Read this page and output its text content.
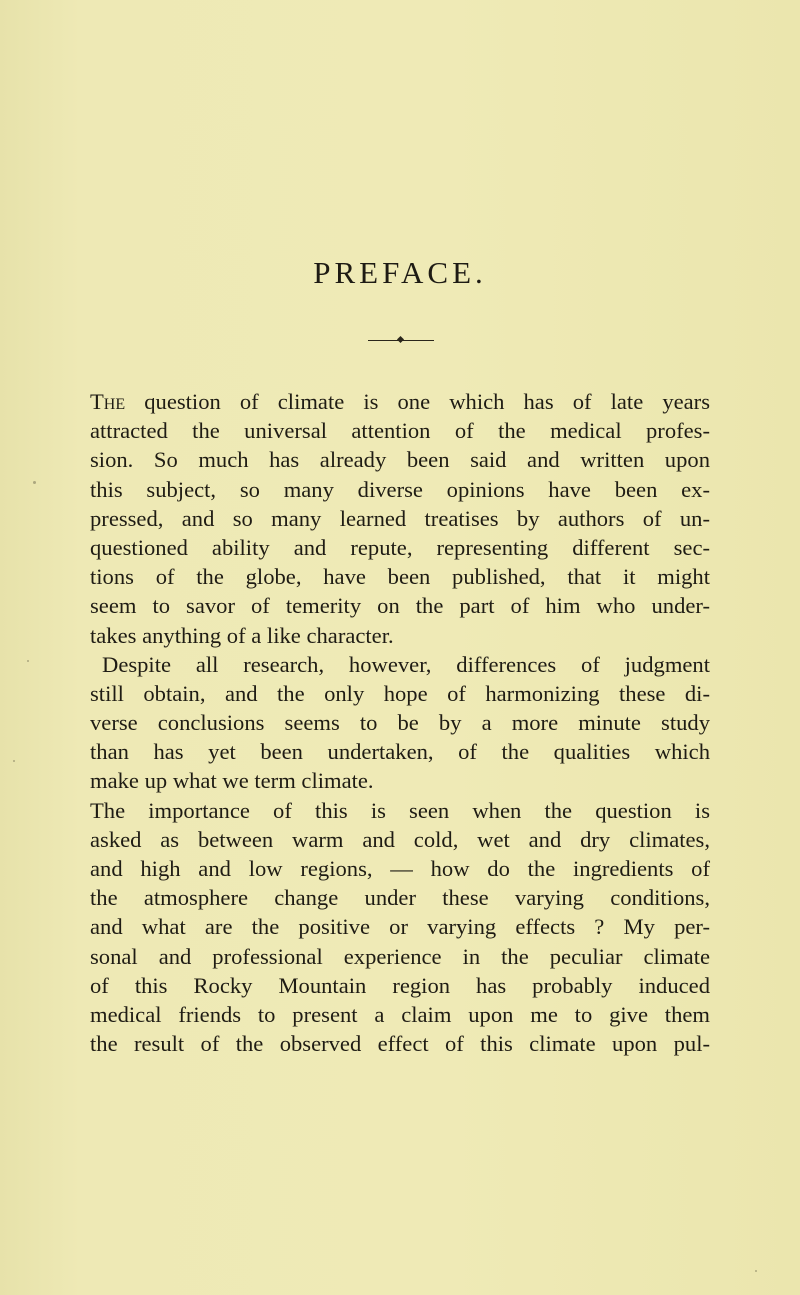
PREFACE.
The question of climate is one which has of late years
attracted the universal attention of the medical profes-
sion. So much has already been said and written upon
this subject, so many diverse opinions have been ex-
pressed, and so many learned treatises by authors of un-
questioned ability and repute, representing different sec-
tions of the globe, have been published, that it might
seem to savor of temerity on the part of him who under-
takes anything of a like character.
Despite all research, however, differences of judgment
still obtain, and the only hope of harmonizing these di-
verse conclusions seems to be by a more minute study
than has yet been undertaken, of the qualities which
make up what we term climate.
The importance of this is seen when the question is
asked as between warm and cold, wet and dry climates,
and high and low regions, — how do the ingredients of
the atmosphere change under these varying conditions,
and what are the positive or varying effects ? My per-
sonal and professional experience in the peculiar climate
of this Rocky Mountain region has probably induced
medical friends to present a claim upon me to give them
the result of the observed effect of this climate upon pul-
